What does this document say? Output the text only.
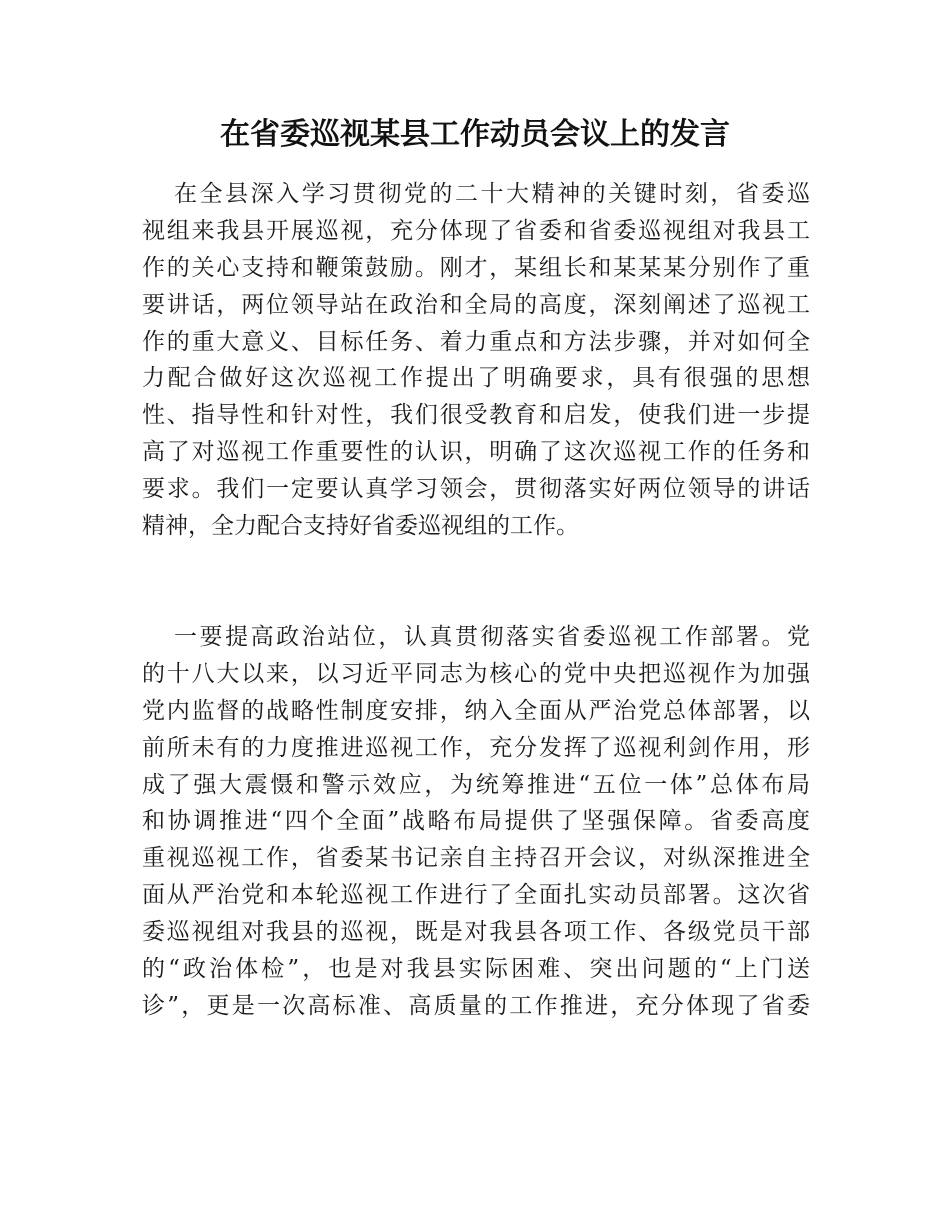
在省委巡视某县工作动员会议上的发言
在全县深入学习贯彻党的二十大精神的关键时刻，省委巡
视组来我县开展巡视，充分体现了省委和省委巡视组对我县工
作的关心支持和鞭策鼓励。刚才，某组长和某某某分别作了重
要讲话，两位领导站在政治和全局的高度，深刻阐述了巡视工
作的重大意义、目标任务、着力重点和方法步骤，并对如何全
力配合做好这次巡视工作提出了明确要求，具有很强的思想
性、指导性和针对性，我们很受教育和启发，使我们进一步提
高了对巡视工作重要性的认识，明确了这次巡视工作的任务和
要求。我们一定要认真学习领会，贯彻落实好两位领导的讲话
精神，全力配合支持好省委巡视组的工作。
一要提高政治站位，认真贯彻落实省委巡视工作部署。党
的十八大以来，以习近平同志为核心的党中央把巡视作为加强
党内监督的战略性制度安排，纳入全面从严治党总体部署，以
前所未有的力度推进巡视工作，充分发挥了巡视利剑作用，形
成了强大震慑和警示效应，为统筹推进“五位一体”总体布局
和协调推进“四个全面”战略布局提供了坚强保障。省委高度
重视巡视工作，省委某书记亲自主持召开会议，对纵深推进全
面从严治党和本轮巡视工作进行了全面扎实动员部署。这次省
委巡视组对我县的巡视，既是对我县各项工作、各级党员干部
的“政治体检”，也是对我县实际困难、突出问题的“上门送
诊”，更是一次高标准、高质量的工作推进，充分体现了省委
